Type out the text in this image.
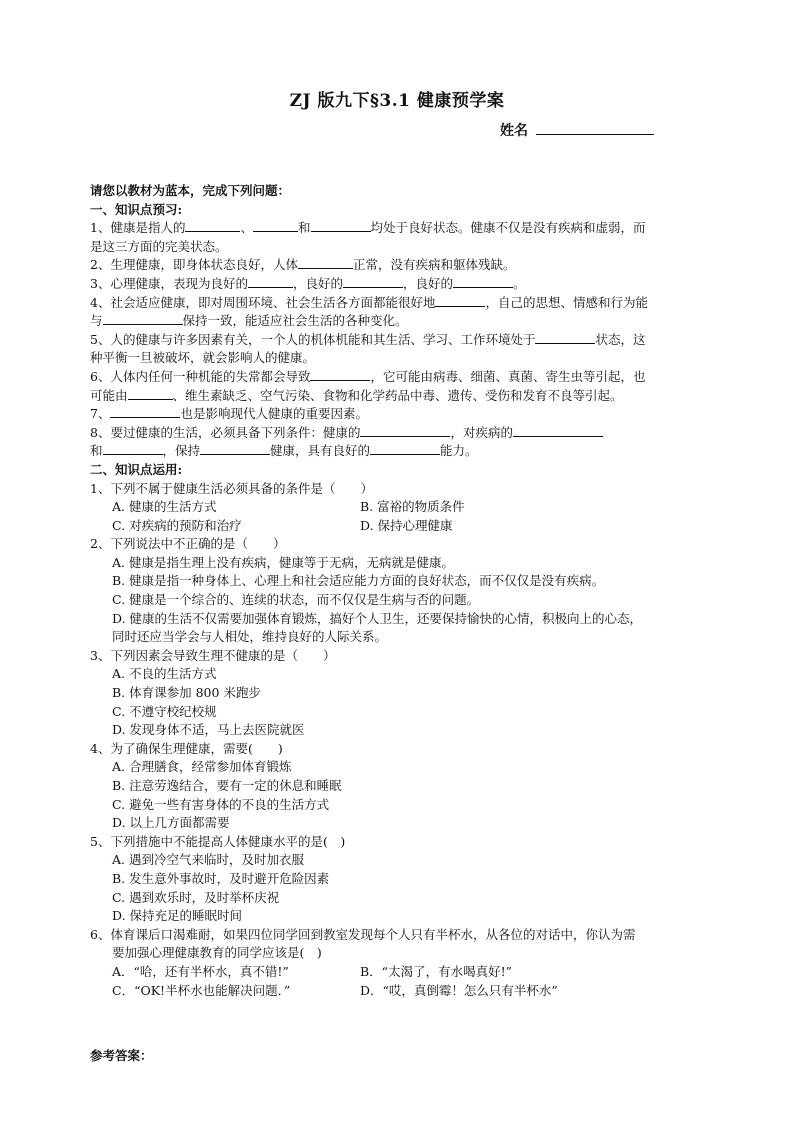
ZJ 版九下§3.1 健康预学案
姓名
请您以教材为蓝本，完成下列问题：
一、知识点预习:
1、健康是指人的	、	和	均处于良好状态。健康不仅是没有疾病和虚弱，而
是这三方面的完美状态。
2、生理健康，即身体状态良好，人体	正常，没有疾病和躯体残缺。
3、心理健康，表现为良好的	，良好的	，良好的	。
4、社会适应健康，即对周围环境、社会生活各方面都能很好地	，自己的思想、情感和行为能
与	保持一致，能适应社会生活的各种变化。
5、人的健康与许多因素有关，一个人的机体机能和其生活、学习、工作环境处于	状态，这
种平衡一旦被破坏，就会影响人的健康。
6、人体内任何一种机能的失常都会导致	，它可能由病毒、细菌、真菌、寄生虫等引起，也
可能由	、维生素缺乏、空气污染、食物和化学药品中毒、遗传、受伤和发育不良等引起。
7、	也是影响现代人健康的重要因素。
8、要过健康的生活，必须具备下列条件：健康的	，对疾病的
和	，保持	健康，具有良好的	能力。
二、知识点运用:
1、下列不属于健康生活必须具备的条件是（　　）
A. 健康的生活方式	B. 富裕的物质条件
C. 对疾病的预防和治疗	D. 保持心理健康
2、下列说法中不正确的是（　　）
A. 健康是指生理上没有疾病，健康等于无病，无病就是健康。
B. 健康是指一种身体上、心理上和社会适应能力方面的良好状态，而不仅仅是没有疾病。
C. 健康是一个综合的、连续的状态，而不仅仅是生病与否的问题。
D. 健康的生活不仅需要加强体育锻炼，搞好个人卫生，还要保持愉快的心情，积极向上的心态，
同时还应当学会与人相处，维持良好的人际关系。
3、下列因素会导致生理不健康的是（　　）
A. 不良的生活方式
B. 体育课参加 800 米跑步
C. 不遵守校纪校规
D. 发现身体不适，马上去医院就医
4、为了确保生理健康，需要(　　)
A. 合理膳食，经常参加体育锻炼
B. 注意劳逸结合，要有一定的休息和睡眠
C. 避免一些有害身体的不良的生活方式
D. 以上几方面都需要
5、下列措施中不能提高人体健康水平的是(　)
A. 遇到冷空气来临时，及时加衣服
B. 发生意外事故时，及时避开危险因素
C. 遇到欢乐时，及时举杯庆祝
D. 保持充足的睡眠时间
6、体育课后口渴难耐，如果四位同学回到教室发现每个人只有半杯水，从各位的对话中，你认为需
要加强心理健康教育的同学应该是(　)
A．“哈，还有半杯水，真不错!”	B．“太渴了，有水喝真好!”
C．“OK!半杯水也能解决问题．”	D．“哎，真倒霉！怎么只有半杯水”
参考答案：
